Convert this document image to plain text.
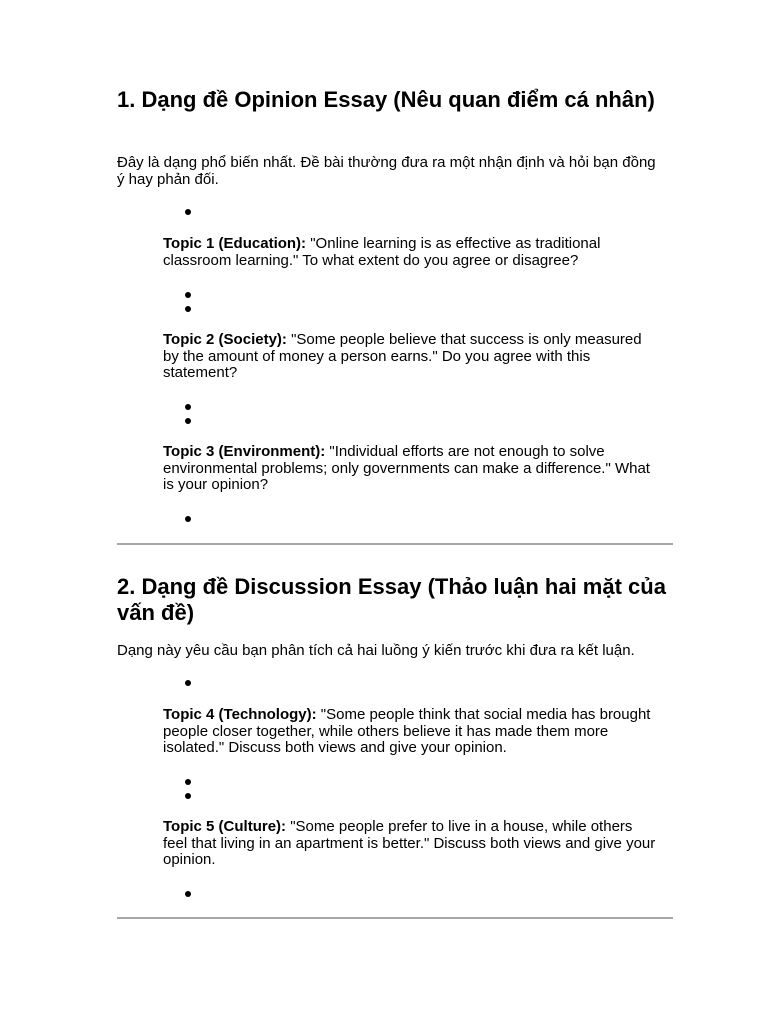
1. Dạng đề Opinion Essay (Nêu quan điểm cá nhân)

Đây là dạng phổ biến nhất. Đề bài thường đưa ra một nhận định và hỏi bạn đồng ý hay phản đối.

Topic 1 (Education): "Online learning is as effective as traditional classroom learning." To what extent do you agree or disagree?

Topic 2 (Society): "Some people believe that success is only measured by the amount of money a person earns." Do you agree with this statement?

Topic 3 (Environment): "Individual efforts are not enough to solve environmental problems; only governments can make a difference." What is your opinion?

2. Dạng đề Discussion Essay (Thảo luận hai mặt của vấn đề)

Dạng này yêu cầu bạn phân tích cả hai luồng ý kiến trước khi đưa ra kết luận.

Topic 4 (Technology): "Some people think that social media has brought people closer together, while others believe it has made them more isolated." Discuss both views and give your opinion.

Topic 5 (Culture): "Some people prefer to live in a house, while others feel that living in an apartment is better." Discuss both views and give your opinion.
